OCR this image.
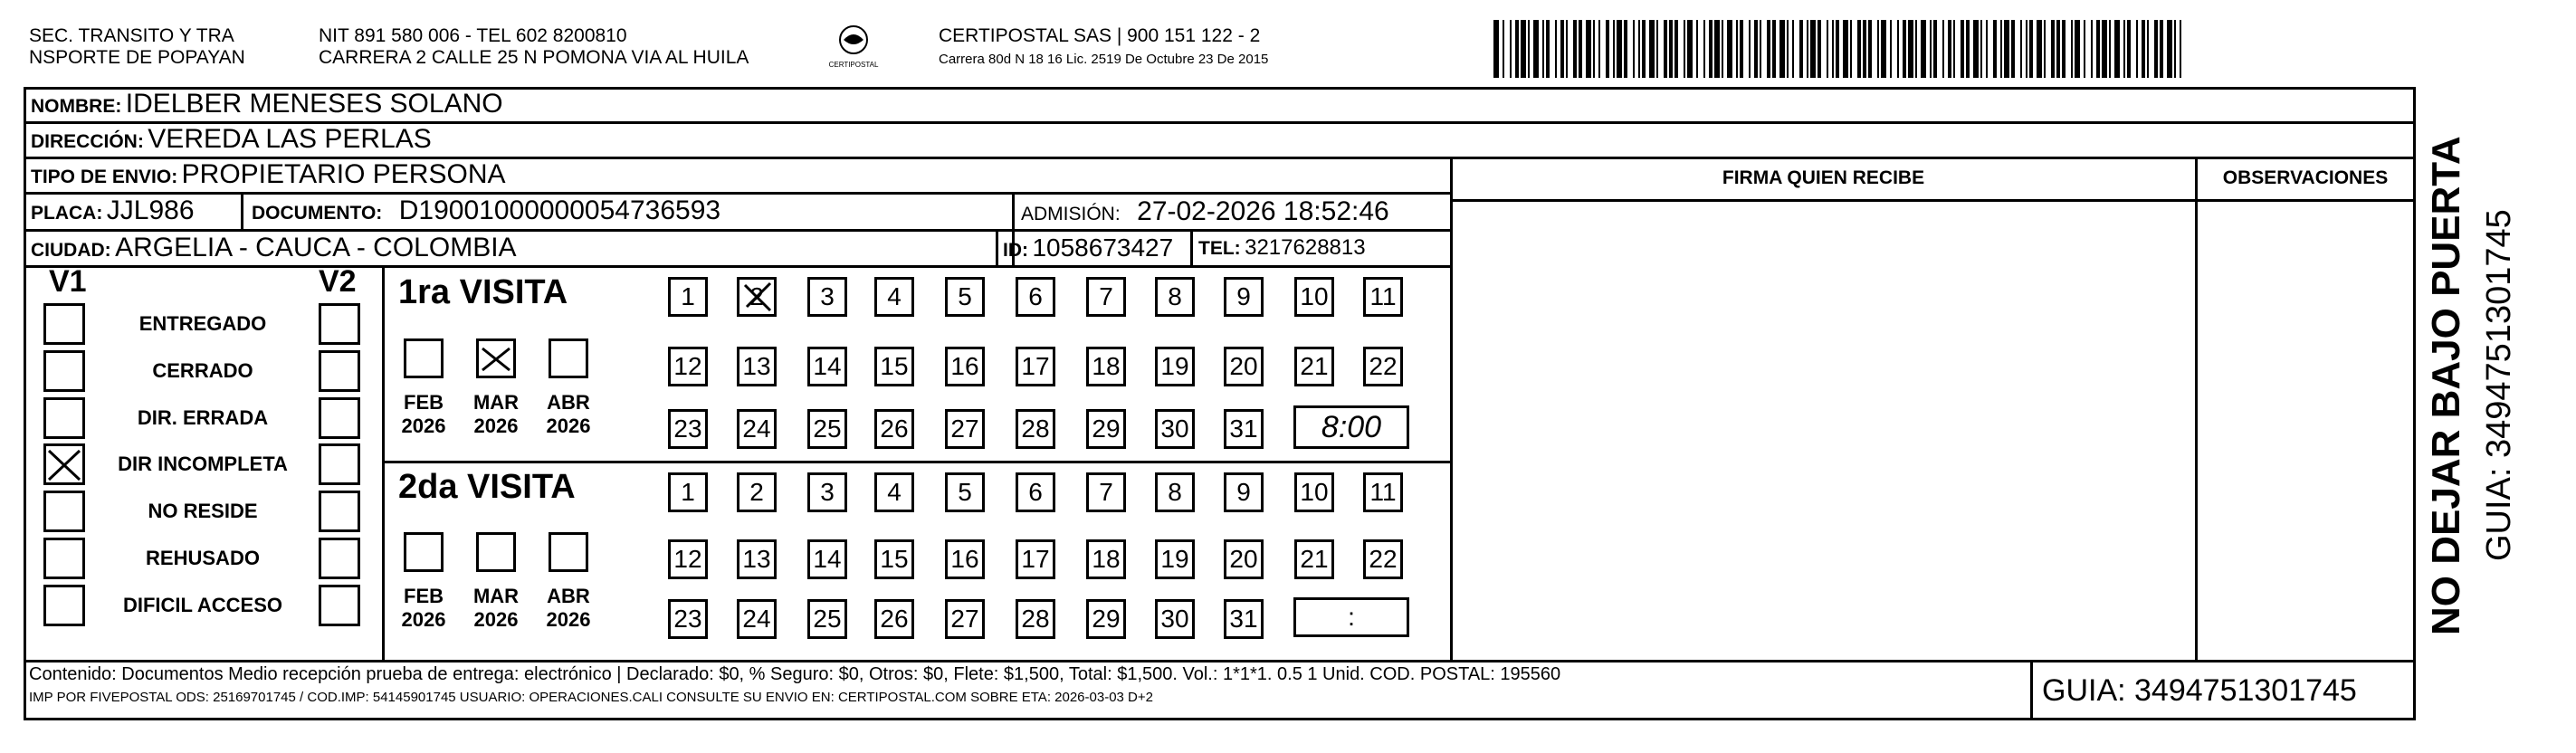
SEC. TRANSITO Y TRA
NSPORTE DE POPAYAN
NIT 891 580 006 - TEL 602 8200810
CARRERA 2 CALLE 25 N POMONA VIA AL HUILA	CERTIPOSTAL
CERTIPOSTAL SAS | 900 151 122 - 2
Carrera 80d N 18 16 Lic. 2519 De Octubre 23 De 2015
NOMBRE: IDELBER MENESES SOLANO
DIRECCIÓN: VEREDA LAS PERLAS
TIPO DE ENVIO: PROPIETARIO PERSONA
PLACA: JJL986	DOCUMENTO: D19001000000054736593	ADMISIÓN: 27-02-2026 18:52:46
CIUDAD: ARGELIA - CAUCA - COLOMBIA	ID: 1058673427 TEL: 3217628813
FIRMA QUIEN RECIBE	OBSERVACIONES
V1	V2
ENTREGADO
CERRADO
DIR. ERRADA
DIR INCOMPLETA
NO RESIDE
REHUSADO
DIFICIL ACCESO
1ra VISITA
FEB
2026
MAR
2026
ABR
2026
1 2 3 4 5 6 7 8 9 10 11
12 13 14 15 16 17 18 19 20 21 22
23 24 25 26 27 28 29 30 31 8:00
2da VISITA
FEB
2026
MAR
2026
ABR
2026
1 2 3 4 5 6 7 8 9 10 11
12 13 14 15 16 17 18 19 20 21 22
23 24 25 26 27 28 29 30 31	:
Contenido: Documentos Medio recepción prueba de entrega: electrónico | Declarado: $0, % Seguro: $0, Otros: $0, Flete: $1,500, Total: $1,500. Vol.: 1*1*1. 0.5 1 Unid. COD. POSTAL: 195560
IMP POR FIVEPOSTAL ODS: 25169701745 / COD.IMP: 54145901745 USUARIO: OPERACIONES.CALI CONSULTE SU ENVIO EN: CERTIPOSTAL.COM SOBRE ETA: 2026-03-03 D+2	GUIA: 3494751301745
NO DEJAR BAJO PUERTA GUIA: 3494751301745
